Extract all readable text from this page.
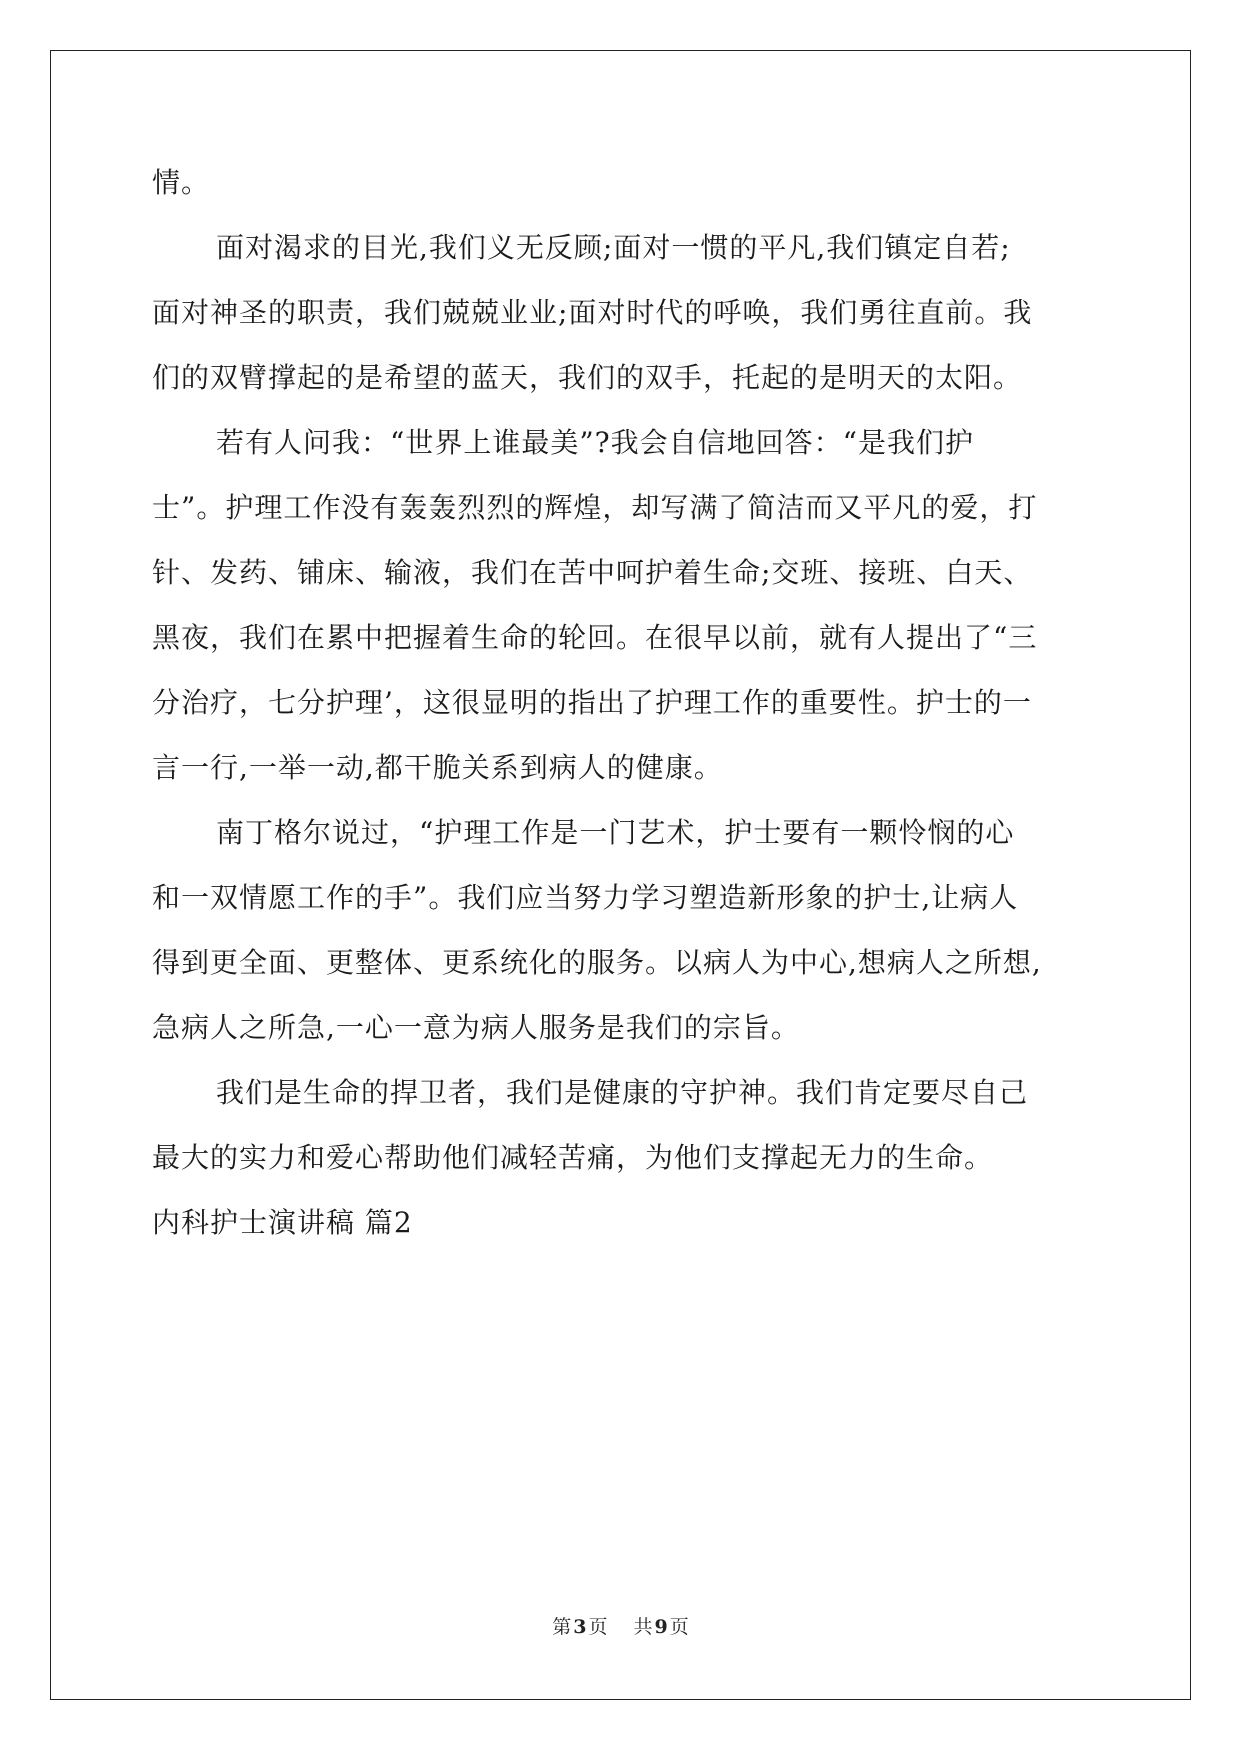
情。
面对渴求的目光,我们义无反顾;面对一惯的平凡,我们镇定自若;
面对神圣的职责，我们兢兢业业;面对时代的呼唤，我们勇往直前。我
们的双臂撑起的是希望的蓝天，我们的双手，托起的是明天的太阳。
若有人问我：“世界上谁最美”?我会自信地回答：“是我们护
士”。护理工作没有轰轰烈烈的辉煌，却写满了简洁而又平凡的爱，打
针、发药、铺床、输液，我们在苦中呵护着生命;交班、接班、白天、
黑夜，我们在累中把握着生命的轮回。在很早以前，就有人提出了“三
分治疗，七分护理’，这很显明的指出了护理工作的重要性。护士的一
言一行,一举一动,都干脆关系到病人的健康。
南丁格尔说过，“护理工作是一门艺术，护士要有一颗怜悯的心
和一双情愿工作的手”。我们应当努力学习塑造新形象的护士,让病人
得到更全面、更整体、更系统化的服务。以病人为中心,想病人之所想,
急病人之所急,一心一意为病人服务是我们的宗旨。
我们是生命的捍卫者，我们是健康的守护神。我们肯定要尽自己
最大的实力和爱心帮助他们减轻苦痛，为他们支撑起无力的生命。
内科护士演讲稿 篇2
第 3 页 共 9 页
